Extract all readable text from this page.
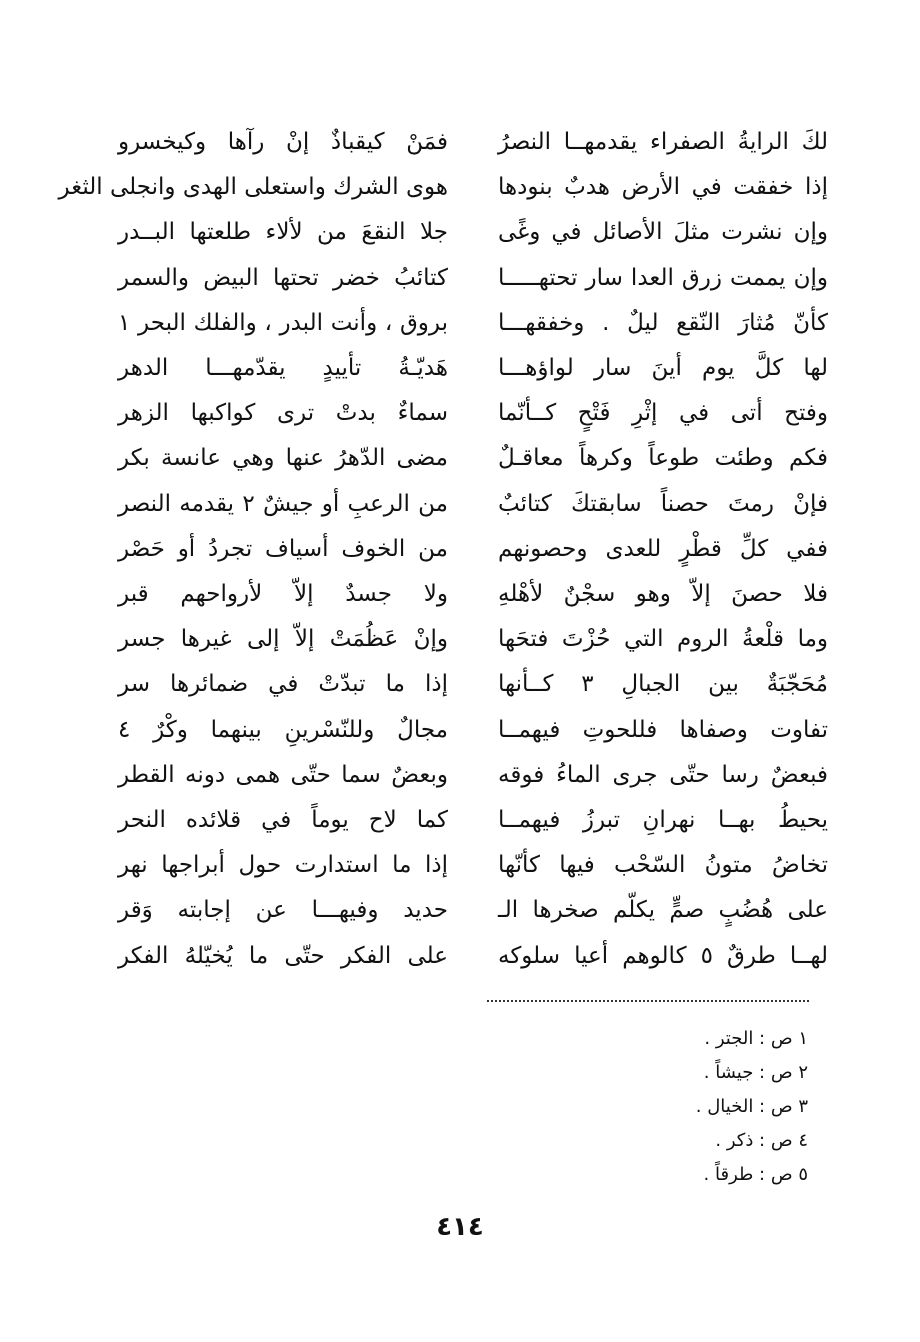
لكَ الرايةُ الصفراء يقدمهــا النصرُ
فمَنْ كيقباذٌ إنْ رآها وكيخسرو
إذا خفقت في الأرض هدبٌ بنودها
هوى الشرك واستعلى الهدى وانجلى الثغر
وإن نشرت مثلَ الأصائل في وغًى
جلا النقعَ من لألاء طلعتها البــدر
وإن يممت زرق العدا سار تحتهـــــا
كتائبُ خضر تحتها البيض والسمر
كأنّ مُثارَ النّقع ليلٌ . وخفقهـــا
بروق ، وأنت البدر ، والفلك البحر ١
لها كلَّ يوم أينَ سار لواؤهـــا
هَديّـةُ تأييدٍ يقدّمهـــا الدهر
وفتح أتى في إثْرِ فَتْحٍ كــأنّما
سماءٌ بدتْ ترى كواكبها الزهر
فكم وطئت طوعاً وكرهاً معاقـلٌ
مضى الدّهرُ عنها وهي عانسة بكر
فإنْ رمتَ حصناً سابقتكَ كتائبٌ
من الرعبِ أو جيشٌ ٢ يقدمه النصر
ففي كلِّ قطْرٍ للعدى وحصونهم
من الخوف أسياف تجردُ أو حَصْر
فلا حصنَ إلاّ وهو سجْنٌ لأهْلهِ
ولا جسدٌ إلاّ لأرواحهم قبر
وما قلْعةُ الروم التي حُزْتَ فتحَها
وإنْ عَظُمَتْ إلاّ إلى غيرها جسر
مُحَجّبَةٌ بين الجبالِ ٣ كــأنها
إذا ما تبدّتْ في ضمائرها سر
تفاوت وصفاها فللحوتِ فيهمــا
مجالٌ وللنّسْرينِ بينهما وكْرٌ ٤
فبعضٌ رسا حتّى جرى الماءُ فوقه
وبعضٌ سما حتّى همى دونه القطر
يحيطُ بهــا نهرانِ تبرزُ فيهمــا
كما لاح يوماً في قلائده النحر
تخاضُ متونُ السّحْب فيها كأنّها
إذا ما استدارت حول أبراجها نهر
على هُضُبٍ صمٍّ يكلّم صخرها الـ
حديد وفيهـــا عن إجابته وَقر
لهــا طرقٌ ٥ كالوهم أعيا سلوكه
على الفكر حتّى ما يُخيّلهُ الفكر
١ ص : الجتر .
٢ ص : جيشاً .
٣ ص : الخيال .
٤ ص : ذكر .
٥ ص : طرقاً .
٤١٤
